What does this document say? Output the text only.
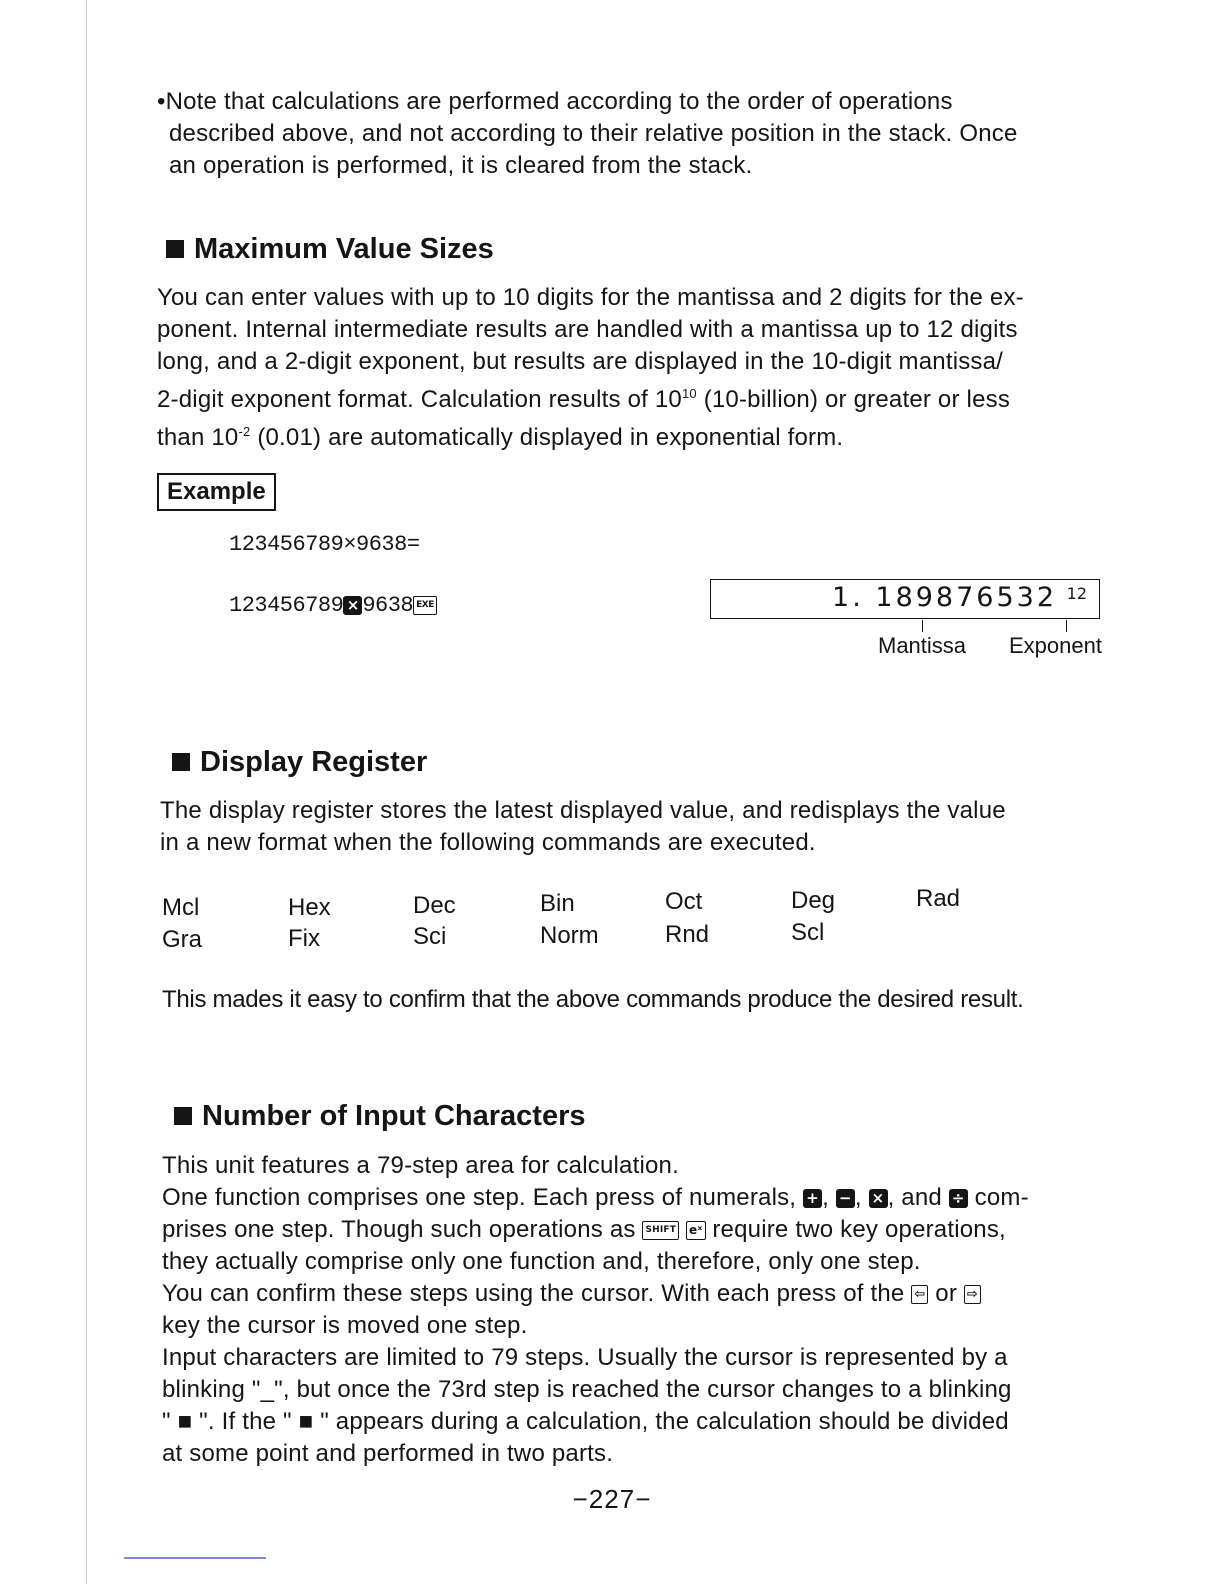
•Note that calculations are performed according to the order of operations
described above, and not according to their relative position in the stack. Once
an operation is performed, it is cleared from the stack.
Maximum Value Sizes
You can enter values with up to 10 digits for the mantissa and 2 digits for the ex-
ponent. Internal intermediate results are handled with a mantissa up to 12 digits
long, and a 2-digit exponent, but results are displayed in the 10-digit mantissa/
2-digit exponent format. Calculation results of $10^{10}$ (10-billion) or greater or less
than $10^{-2}$ (0.01) are automatically displayed in exponential form.
Example
123456789×9638=
123456789 × 9638 EXE	1. 189876532 12
Mantissa Exponent
Display Register
The display register stores the latest displayed value, and redisplays the value
in a new format when the following commands are executed.
Mcl	Hex	Dec	Bin	Oct	Deg	Rad
Gra	Fix	Sci	Norm	Rnd	Scl
This mades it easy to confirm that the above commands produce the desired result.
Number of Input Characters
This unit features a 79-step area for calculation.
One function comprises one step. Each press of numerals, + , − , × , and ÷ com-
prises one step. Though such operations as SHIFT eˣ require two key operations,
they actually comprise only one function and, therefore, only one step.
You can confirm these steps using the cursor. With each press of the ⇦ or ⇨
key the cursor is moved one step.
Input characters are limited to 79 steps. Usually the cursor is represented by a
blinking "_", but once the 73rd step is reached the cursor changes to a blinking
" ■ ". If the " ■ " appears during a calculation, the calculation should be divided
at some point and performed in two parts.
−227−
